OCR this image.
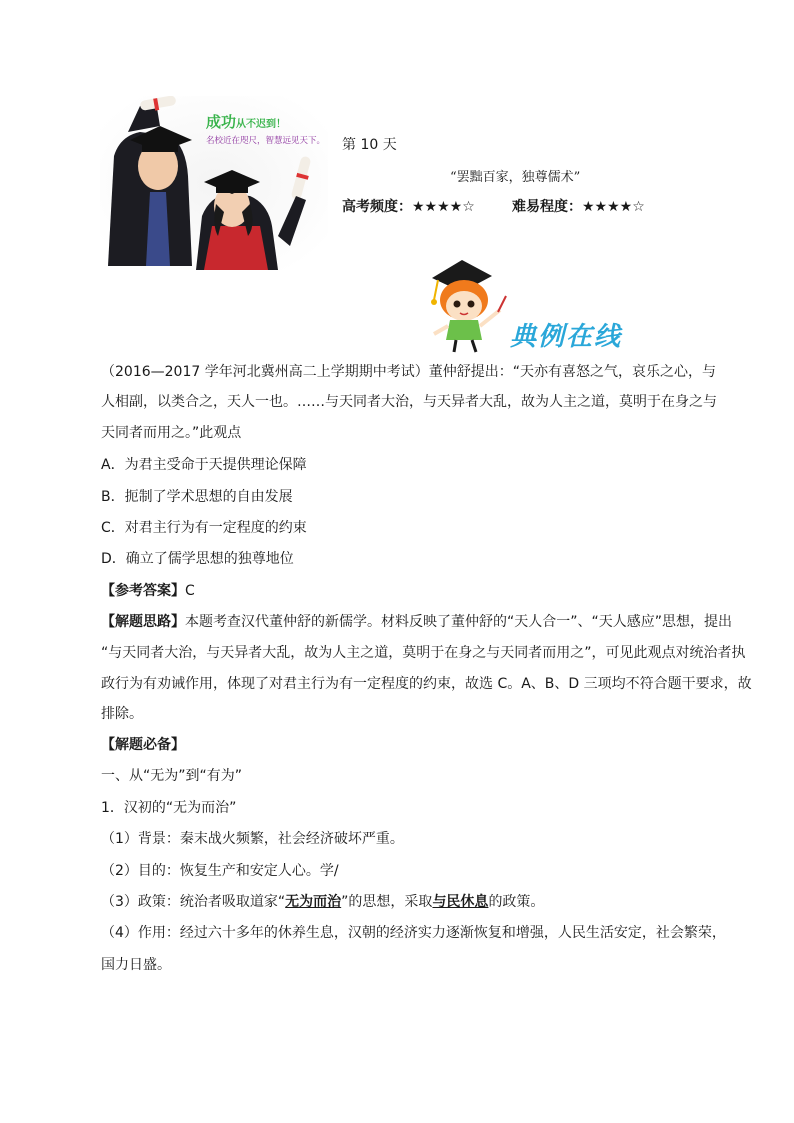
成功从不迟到！
名校近在咫尺，智慧远见天下。 第 10 天
“罢黜百家，独尊儒术”
高考频度：★★★★☆	难易程度：★★★★☆
典例在线
（2016—2017 学年河北冀州高二上学期期中考试）董仲舒提出：“天亦有喜怒之气，哀乐之心，与
人相副，以类合之，天人一也。……与天同者大治，与天异者大乱，故为人主之道，莫明于在身之与
天同者而用之。”此观点
A．为君主受命于天提供理论保障
B．扼制了学术思想的自由发展
C．对君主行为有一定程度的约束
D．确立了儒学思想的独尊地位
【参考答案】C
【解题思路】本题考查汉代董仲舒的新儒学。材料反映了董仲舒的“天人合一”、“天人感应”思想，提出
“与天同者大治，与天异者大乱，故为人主之道，莫明于在身之与天同者而用之”，可见此观点对统治者执
政行为有劝诫作用，体现了对君主行为有一定程度的约束，故选 C。A、B、D 三项均不符合题干要求，故
排除。
【解题必备】
一、从“无为”到“有为”
1．汉初的“无为而治”
（1）背景：秦末战火频繁，社会经济破坏严重。
（2）目的：恢复生产和安定人心。学/
（3）政策：统治者吸取道家“无为而治”的思想，采取与民休息的政策。
（4）作用：经过六十多年的休养生息，汉朝的经济实力逐渐恢复和增强，人民生活安定，社会繁荣，
国力日盛。
